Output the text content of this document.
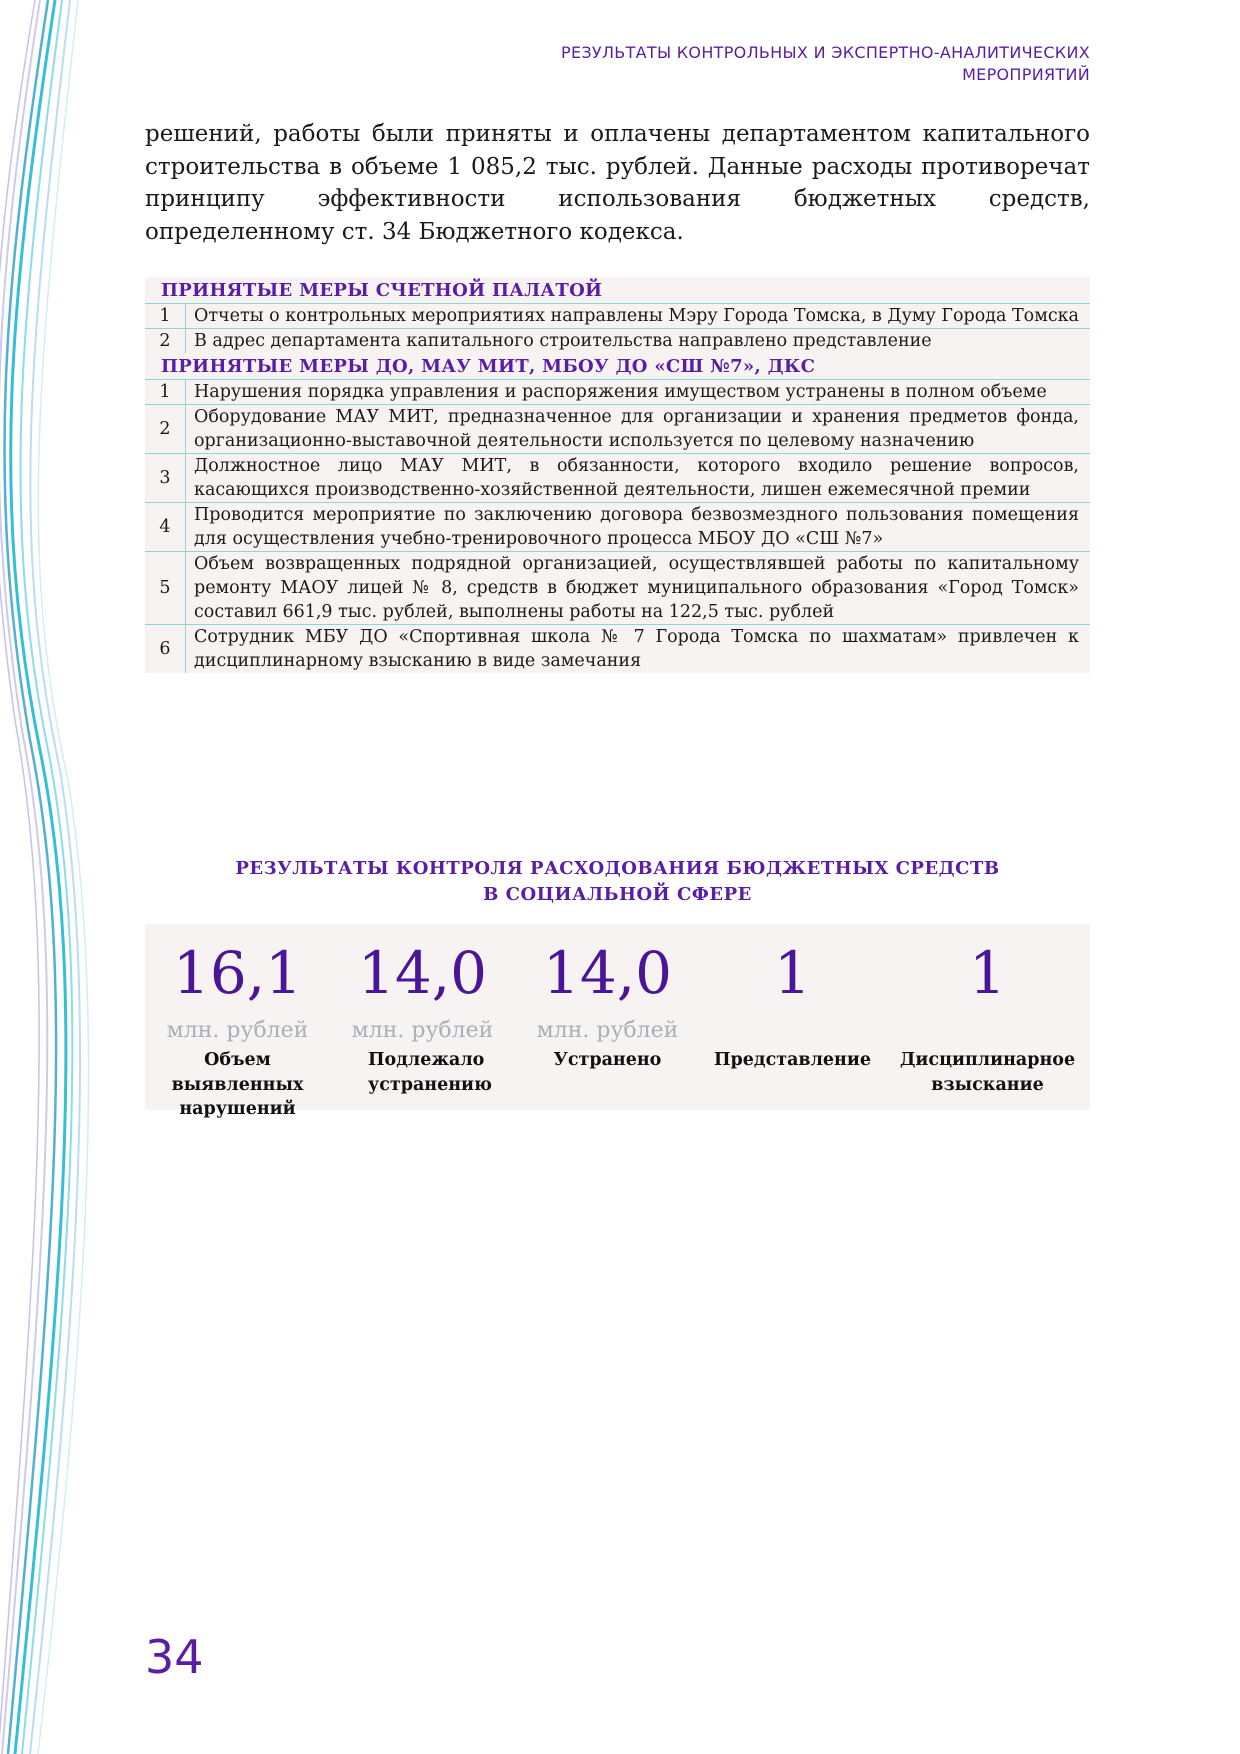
РЕЗУЛЬТАТЫ КОНТРОЛЬНЫХ И ЭКСПЕРТНО-АНАЛИТИЧЕСКИХ
МЕРОПРИЯТИЙ
решений, работы были приняты и оплачены департаментом капитального строительства в объеме 1 085,2 тыс. рублей. Данные расходы противоречат принципу эффективности использования бюджетных средств, определенному ст. 34 Бюджетного кодекса.
ПРИНЯТЫЕ МЕРЫ СЧЕТНОЙ ПАЛАТОЙ	
1	Отчеты о контрольных мероприятиях направлены Мэру Города Томска, в Думу Города Томска
2	В адрес департамента капитального строительства направлено представление
ПРИНЯТЫЕ МЕРЫ ДО, МАУ МИТ, МБОУ ДО «СШ №7», ДКС	
1	Нарушения порядка управления и распоряжения имуществом устранены в полном объеме
2	Оборудование МАУ МИТ, предназначенное для организации и хранения предметов фонда, организационно-выставочной деятельности используется по целевому назначению
3	Должностное лицо МАУ МИТ, в обязанности, которого входило решение вопросов, касающихся производственно-хозяйственной деятельности, лишен ежемесячной премии
4	Проводится мероприятие по заключению договора безвозмездного пользования помещения для осуществления учебно-тренировочного процесса МБОУ ДО «СШ №7»
5	Объем возвращенных подрядной организацией, осуществлявшей работы по капитальному ремонту МАОУ лицей № 8, средств в бюджет муниципального образования «Город Томск» составил 661,9 тыс. рублей, выполнены работы на 122,5 тыс. рублей
6	Сотрудник МБУ ДО «Спортивная школа № 7 Города Томска по шахматам» привлечен к дисциплинарному взысканию в виде замечания
РЕЗУЛЬТАТЫ КОНТРОЛЯ РАСХОДОВАНИЯ БЮДЖЕТНЫХ СРЕДСТВ
В СОЦИАЛЬНОЙ СФЕРЕ
16,1
млн. рублей
Объем выявленных нарушений
14,0
млн. рублей
Подлежало устранению
14,0
млн. рублей
Устранено
1
Представление
1
Дисциплинарное взыскание
34
